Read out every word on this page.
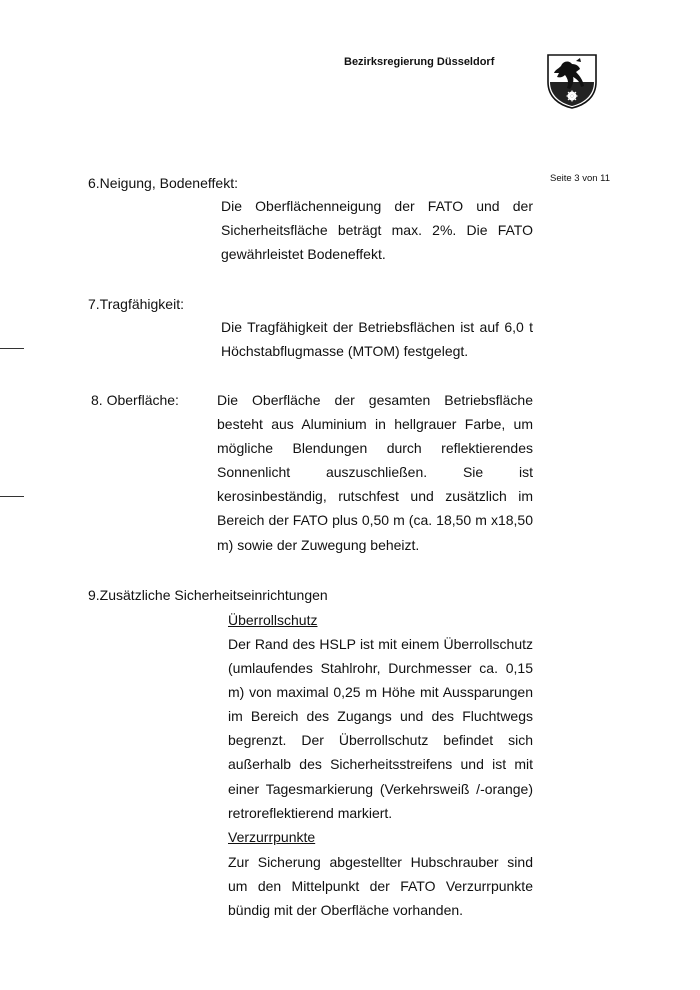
Bezirksregierung Düsseldorf
Seite 3 von 11
6.Neigung, Bodeneffekt:
Die Oberflächenneigung der FATO und der Sicherheitsfläche beträgt max. 2%. Die FATO gewährleistet Bodeneffekt.
7.Tragfähigkeit:
Die Tragfähigkeit der Betriebsflächen ist auf 6,0 t Höchstabflugmasse (MTOM) festgelegt.
8. Oberfläche:	Die Oberfläche der gesamten Betriebsfläche besteht aus Aluminium in hellgrauer Farbe, um mögliche Blendungen durch reflektierendes Sonnenlicht auszuschließen. Sie ist kerosinbeständig, rutschfest und zusätzlich im Bereich der FATO plus 0,50 m (ca. 18,50 m x18,50 m) sowie der Zuwegung beheizt.
9.Zusätzliche Sicherheitseinrichtungen
Überrollschutz
Der Rand des HSLP ist mit einem Überrollschutz (umlaufendes Stahlrohr, Durchmesser ca. 0,15 m) von maximal 0,25 m Höhe mit Aussparungen im Bereich des Zugangs und des Fluchtwegs begrenzt. Der Überrollschutz befindet sich außerhalb des Sicherheitsstreifens und ist mit einer Tagesmarkierung (Verkehrsweiß /-orange) retroreflektierend markiert.
Verzurrpunkte
Zur Sicherung abgestellter Hubschrauber sind um den Mittelpunkt der FATO Verzurrpunkte bündig mit der Oberfläche vorhanden.
